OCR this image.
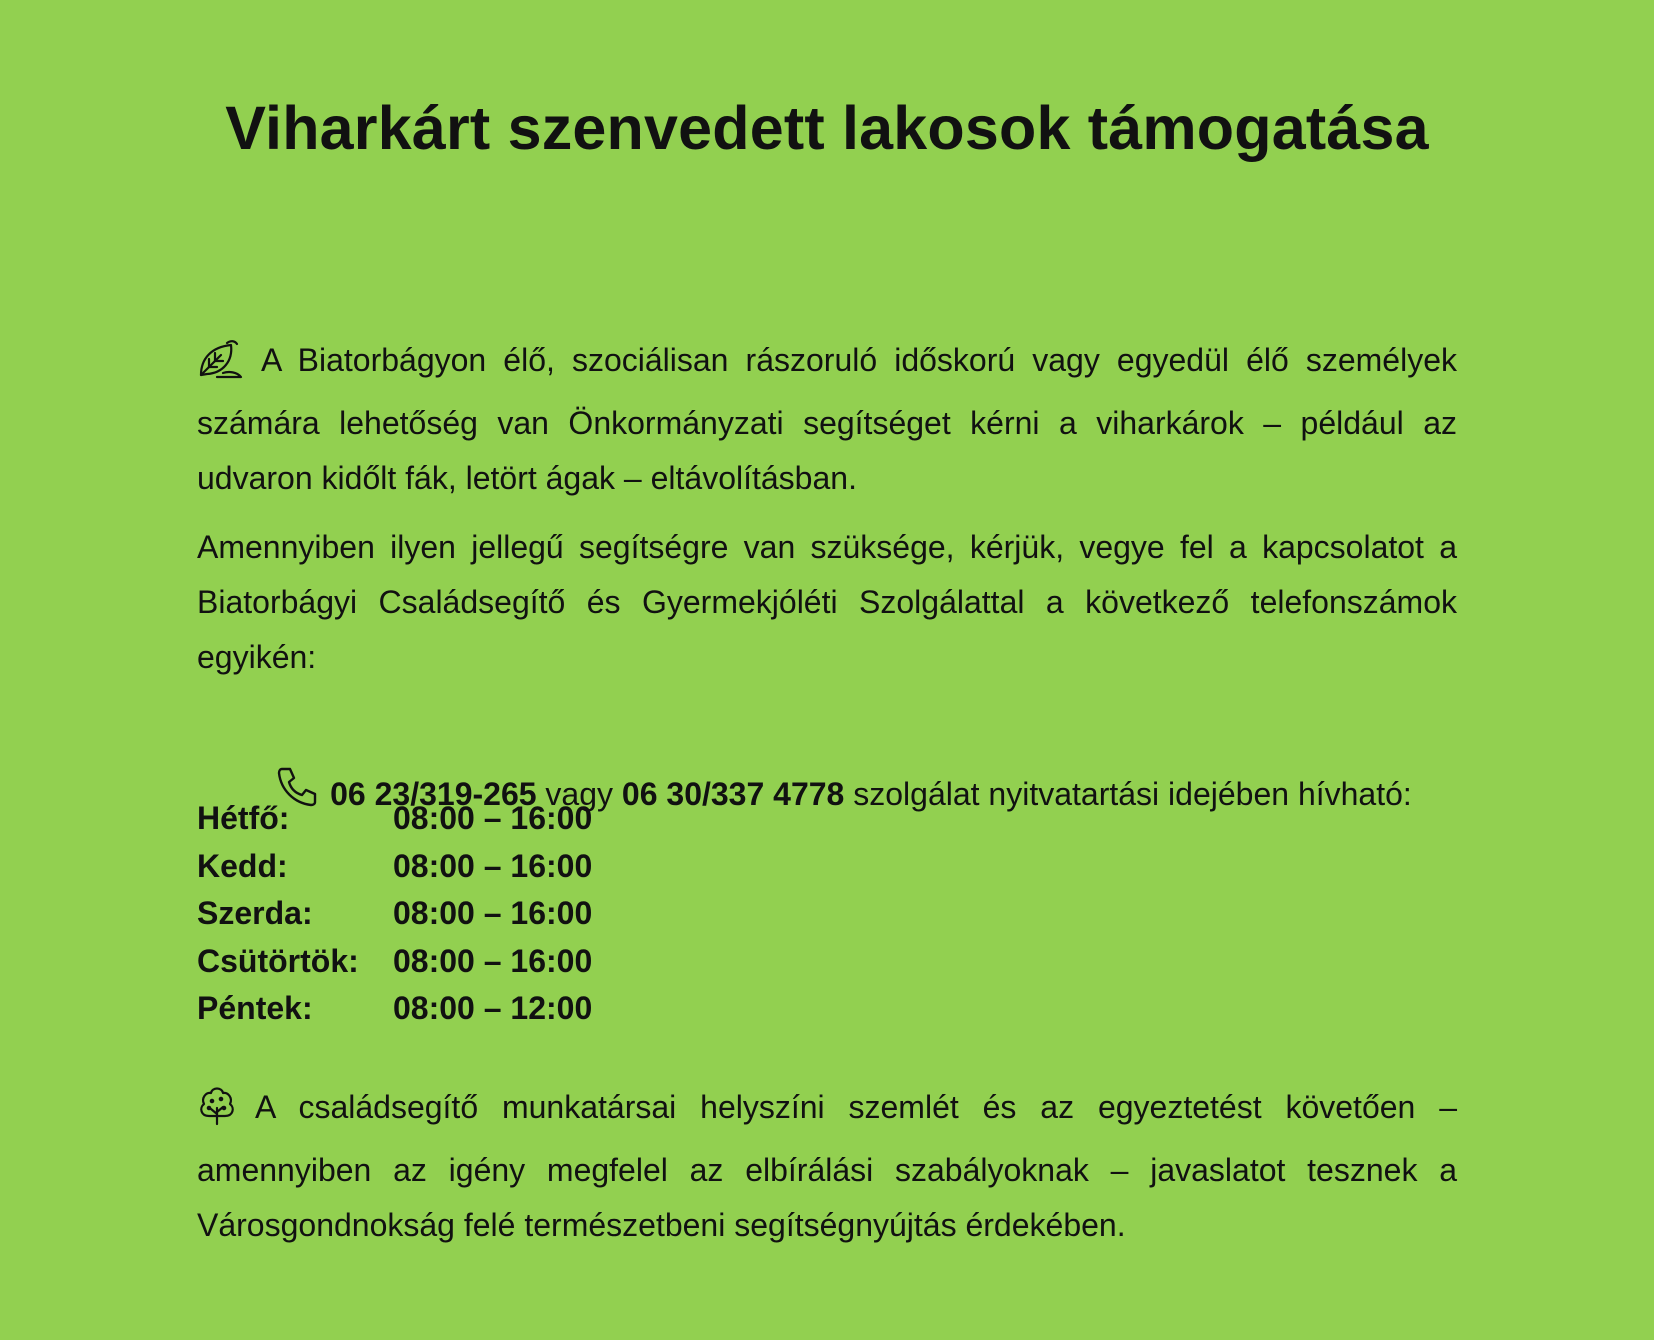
Viharkárt szenvedett lakosok támogatása

A Biatorbágyon élő, szociálisan rászoruló időskorú vagy egyedül élő személyek számára lehetőség van Önkormányzati segítséget kérni a viharkárok – például az udvaron kidőlt fák, letört ágak – eltávolításban.

Amennyiben ilyen jellegű segítségre van szüksége, kérjük, vegye fel a kapcsolatot a Biatorbágyi Családsegítő és Gyermekjóléti Szolgálattal a következő telefonszámok egyikén:

06 23/319-265 vagy 06 30/337 4778 szolgálat nyitvatartási idejében hívható:

Hétfő:	08:00 – 16:00
Kedd:	08:00 – 16:00
Szerda:	08:00 – 16:00
Csütörtök:	08:00 – 16:00
Péntek:	08:00 – 12:00

A családsegítő munkatársai helyszíni szemlét és az egyeztetést követően – amennyiben az igény megfelel az elbírálási szabályoknak – javaslatot tesznek a Városgondnokság felé természetbeni segítségnyújtás érdekében.
